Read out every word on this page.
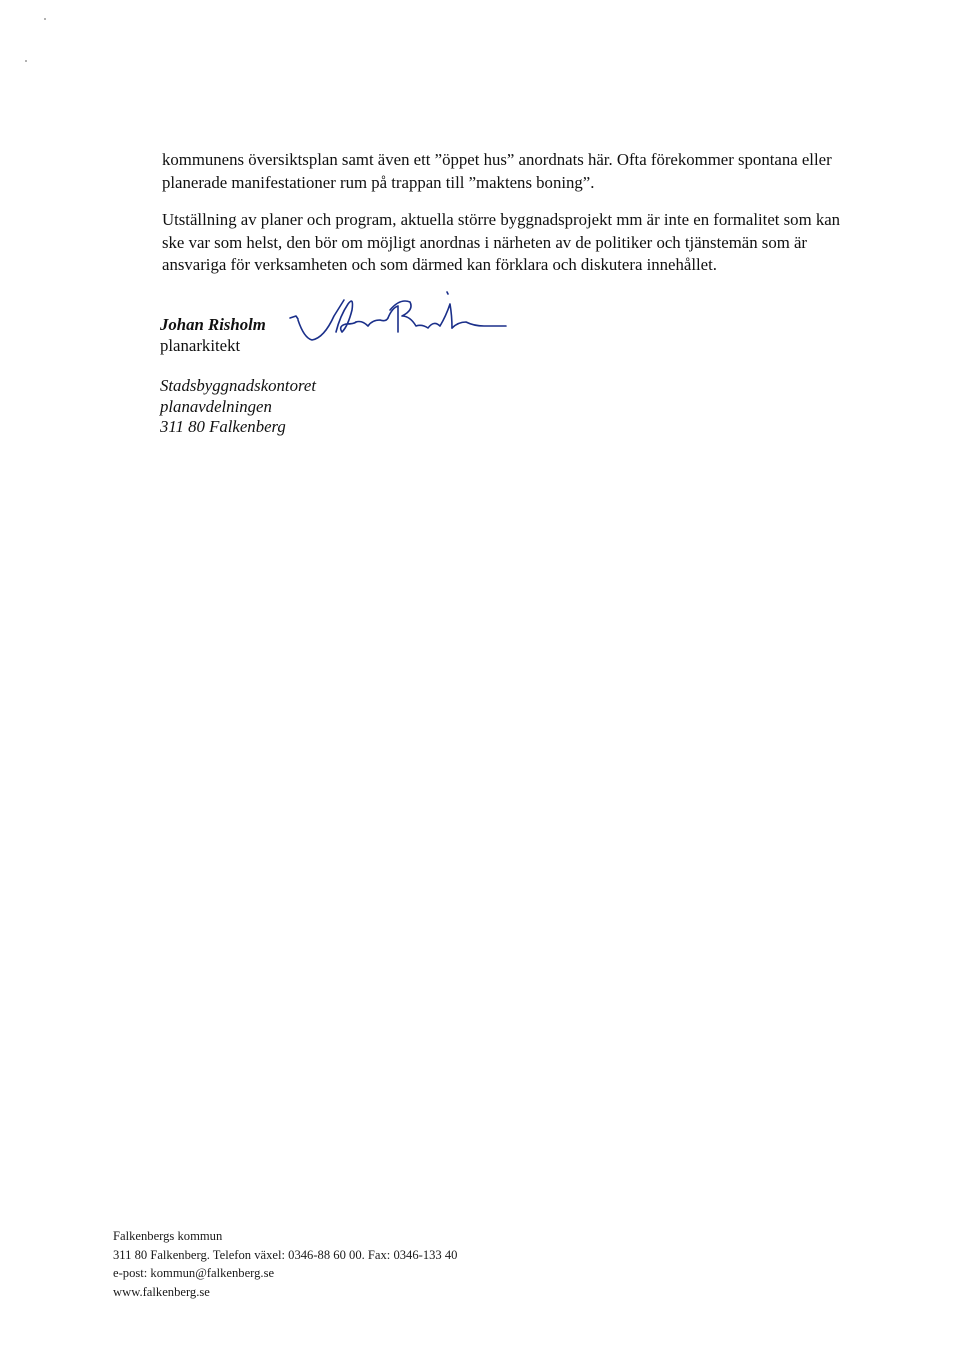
kommunens översiktsplan samt även ett ”öppet hus” anordnats här. Ofta förekommer spontana eller planerade manifestationer rum på trappan till ”maktens boning”.

Utställning av planer och program, aktuella större byggnadsprojekt mm är inte en formalitet som kan ske var som helst, den bör om möjligt anordnas i närheten av de politiker och tjänstemän som är ansvariga för verksamheten och som därmed kan förklara och diskutera innehållet.

Johan Risholm
planarkitekt
Stadsbyggnadskontoret
planavdelningen
311 80 Falkenberg
Falkenbergs kommun
311 80 Falkenberg. Telefon växel: 0346-88 60 00. Fax: 0346-133 40
e-post: kommun@falkenberg.se
www.falkenberg.se
